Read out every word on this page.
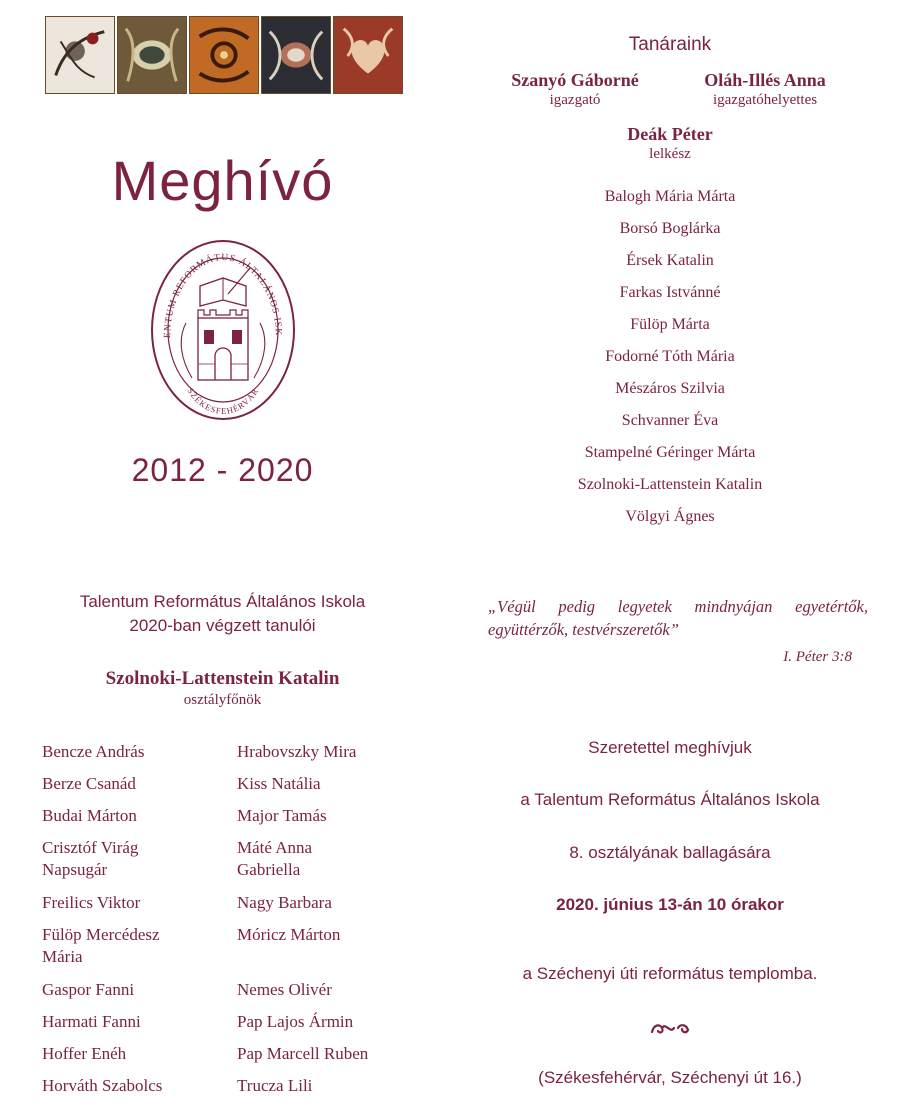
Meghívó
ENTUM REFORMÁTUS ÁLTALÁNOS ISK
SZÉKESFEHÉRVÁR
2012 - 2020
Talentum Református Általános Iskola
2020-ban végzett tanulói
Szolnoki-Lattenstein Katalin
osztályfőnök
Bencze András
Berze Csanád
Budai Márton
Crisztóf Virág
Napsugár
Freilics Viktor
Fülöp Mercédesz
Mária
Gaspor Fanni
Harmati Fanni
Hoffer Enéh
Horváth Szabolcs
Hrabovszky Mira
Kiss Natália
Major Tamás
Máté Anna
Gabriella
Nagy Barbara
Móricz Márton
Nemes Olivér
Pap Lajos Ármin
Pap Marcell Ruben
Trucza Lili
Tanáraink
Szanyó Gáborné
igazgató
Oláh-Illés Anna
igazgatóhelyettes
Deák Péter
lelkész
Balogh Mária Márta
Borsó Boglárka
Érsek Katalin
Farkas Istvánné
Fülöp Márta
Fodorné Tóth Mária
Mészáros Szilvia
Schvanner Éva
Stampelné Géringer Márta
Szolnoki-Lattenstein Katalin
Völgyi Ágnes
„Végül pedig legyetek mindnyájan egyetértők, együttérzők, testvérszeretők”
I. Péter 3:8
Szeretettel meghívjuk
a Talentum Református Általános Iskola
8. osztályának ballagására
2020. június 13-án 10 órakor
a Széchenyi úti református templomba.
(Székesfehérvár, Széchenyi út 16.)
